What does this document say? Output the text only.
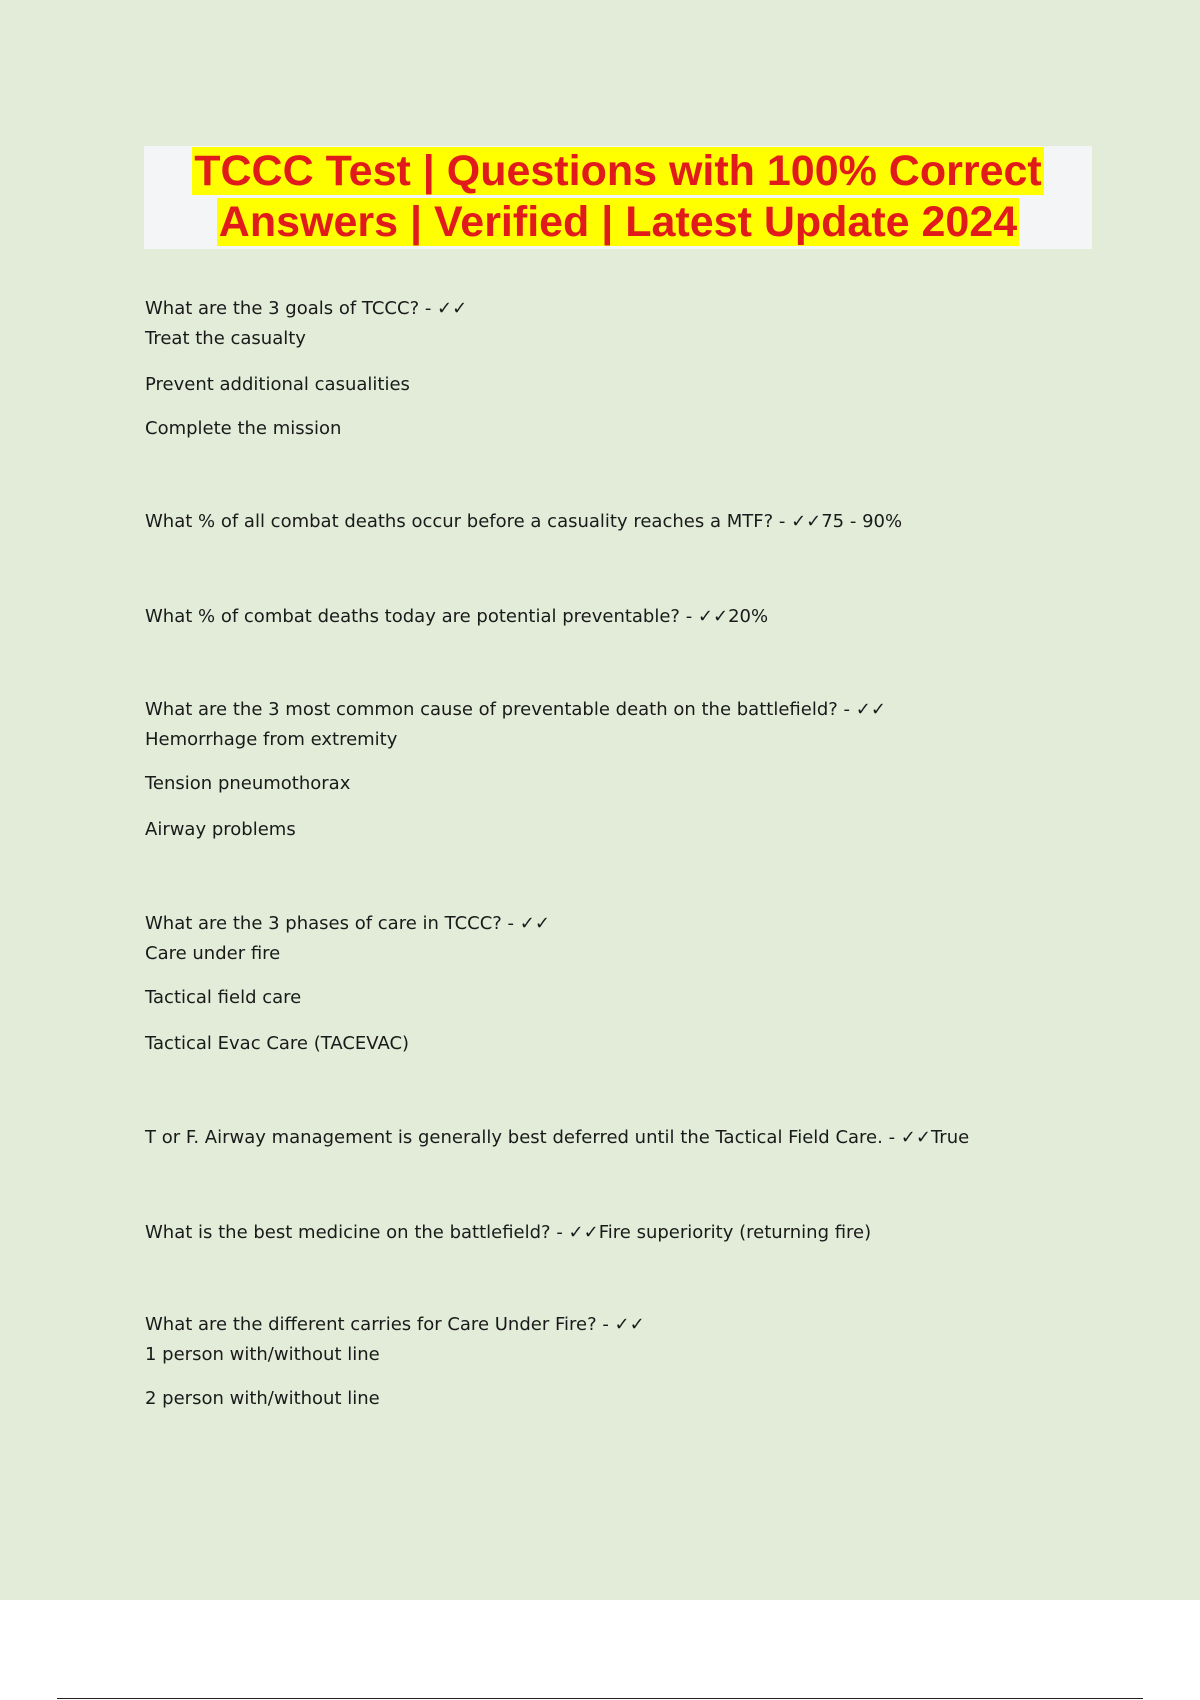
TCCC Test | Questions with 100% Correct
Answers | Verified | Latest Update 2024
What are the 3 goals of TCCC? - ✓✓
Treat the casualty
Prevent additional casualities
Complete the mission
What % of all combat deaths occur before a casuality reaches a MTF? - ✓✓75 - 90%
What % of combat deaths today are potential preventable? - ✓✓20%
What are the 3 most common cause of preventable death on the battlefield? - ✓✓
Hemorrhage from extremity
Tension pneumothorax
Airway problems
What are the 3 phases of care in TCCC? - ✓✓
Care under fire
Tactical field care
Tactical Evac Care (TACEVAC)
T or F. Airway management is generally best deferred until the Tactical Field Care. - ✓✓True
What is the best medicine on the battlefield? - ✓✓Fire superiority (returning fire)
What are the different carries for Care Under Fire? - ✓✓
1 person with/without line
2 person with/without line
